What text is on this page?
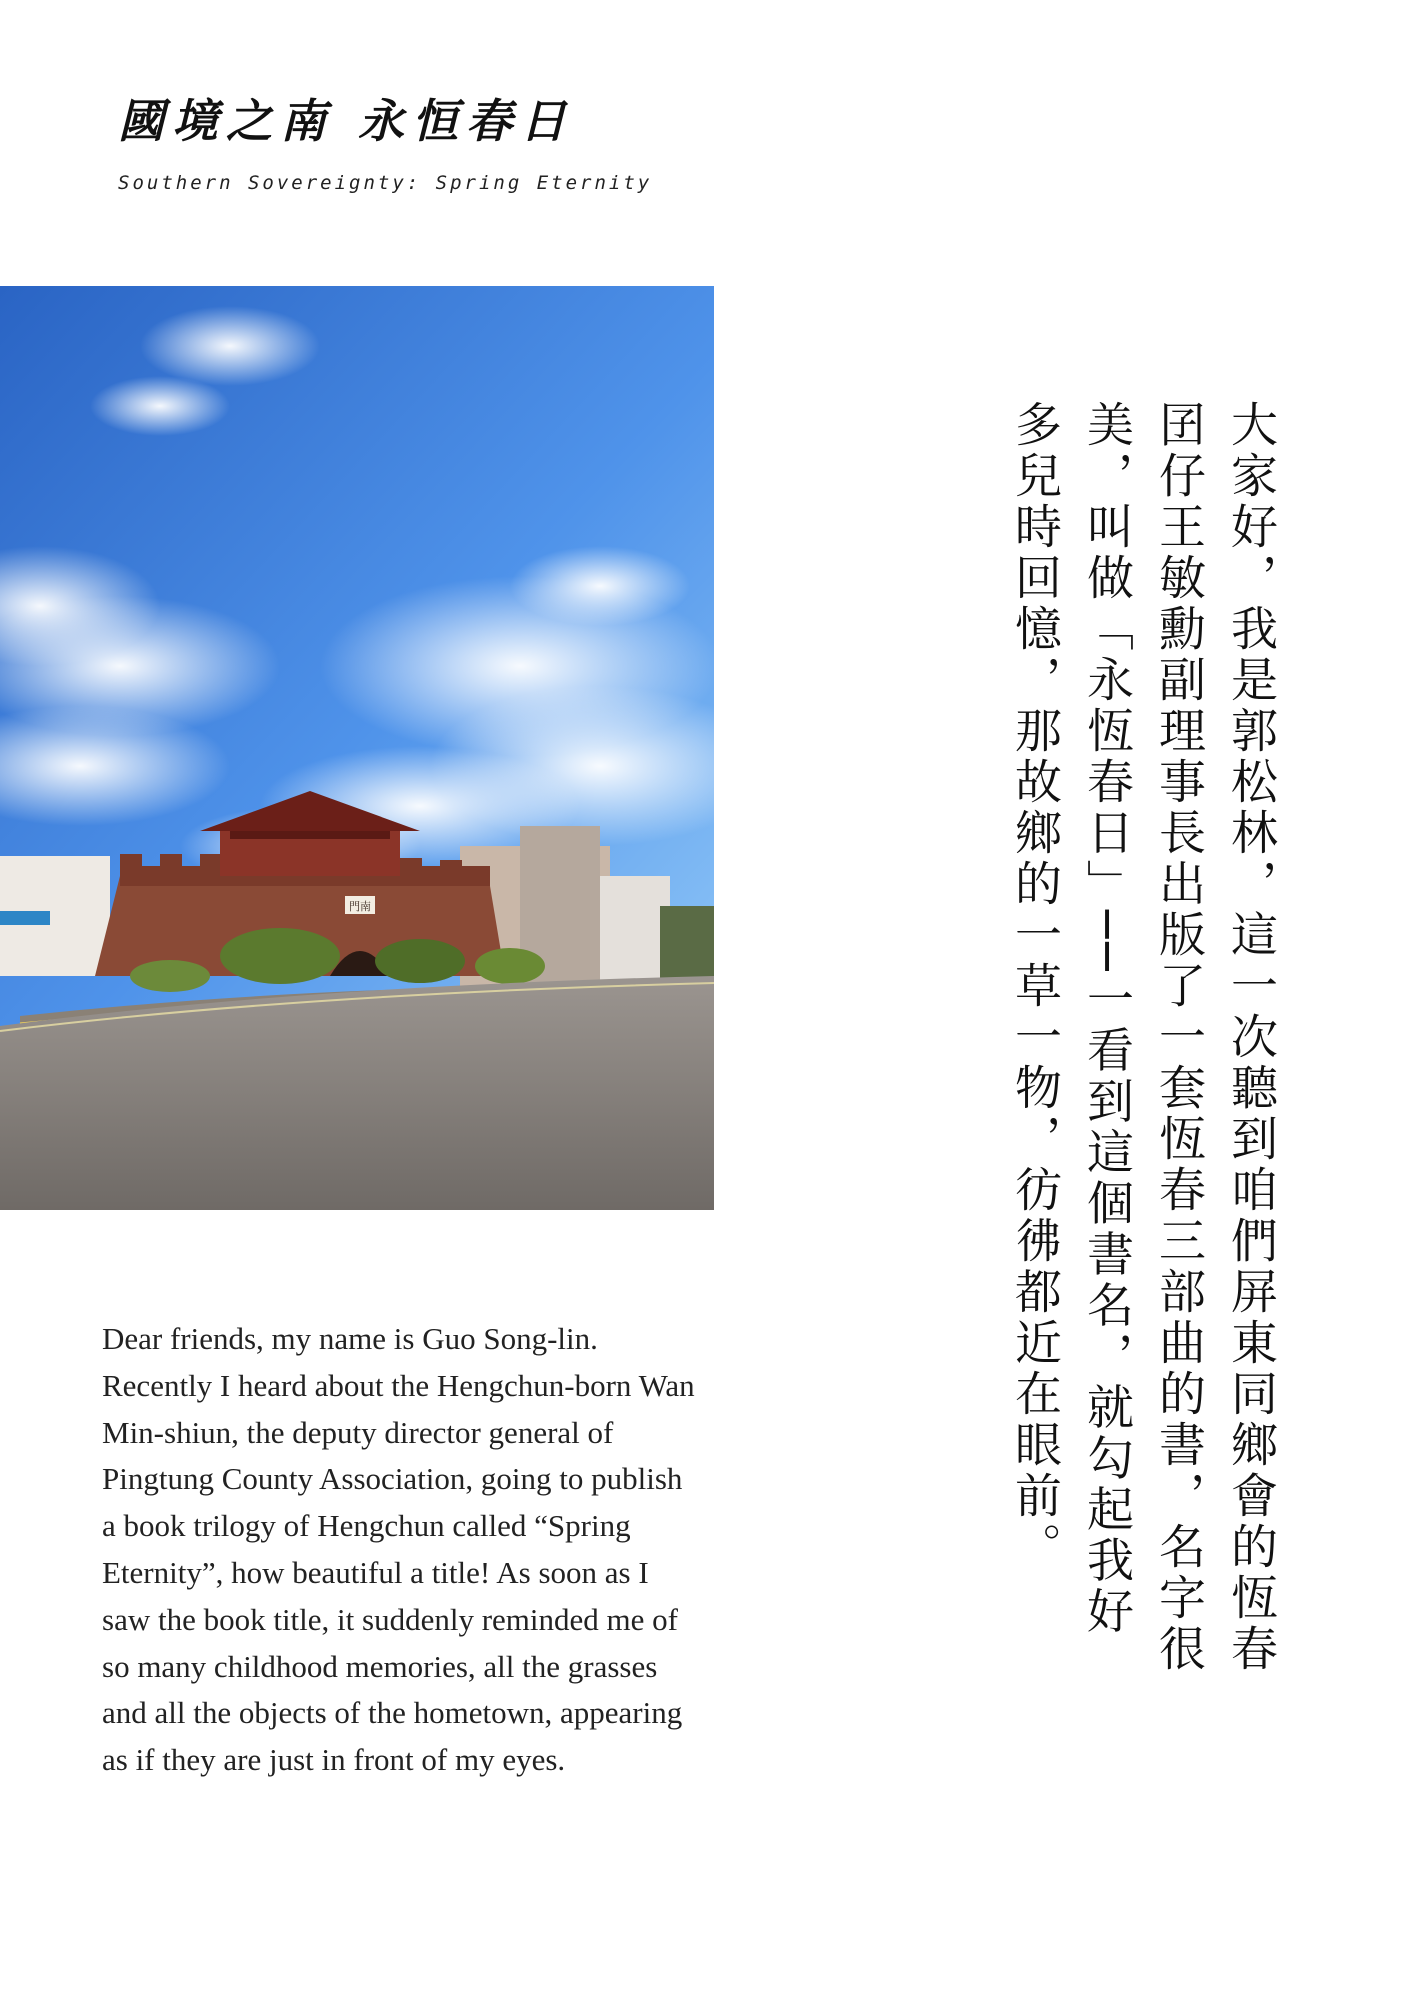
國境之南 永恒春日
Southern Sovereignty: Spring Eternity
門南	大家好，我是郭松林，這一次聽到咱們屏東同鄉會的恆春囝仔王敏勳副理事長出版了一套恆春三部曲的書，名字很美，叫做「永恆春日」──一看到這個書名，就勾起我好多兒時回憶，那故鄉的一草一物，彷彿都近在眼前。
Dear friends, my name is Guo Song-lin. Recently I heard about the Hengchun-born Wan Min-shiun, the deputy director general of Pingtung County Association, going to publish a book trilogy of Hengchun called “Spring Eternity”, how beautiful a title! As soon as I saw the book title, it suddenly reminded me of so many childhood memories, all the grasses and all the objects of the hometown, appearing as if they are just in front of my eyes.
